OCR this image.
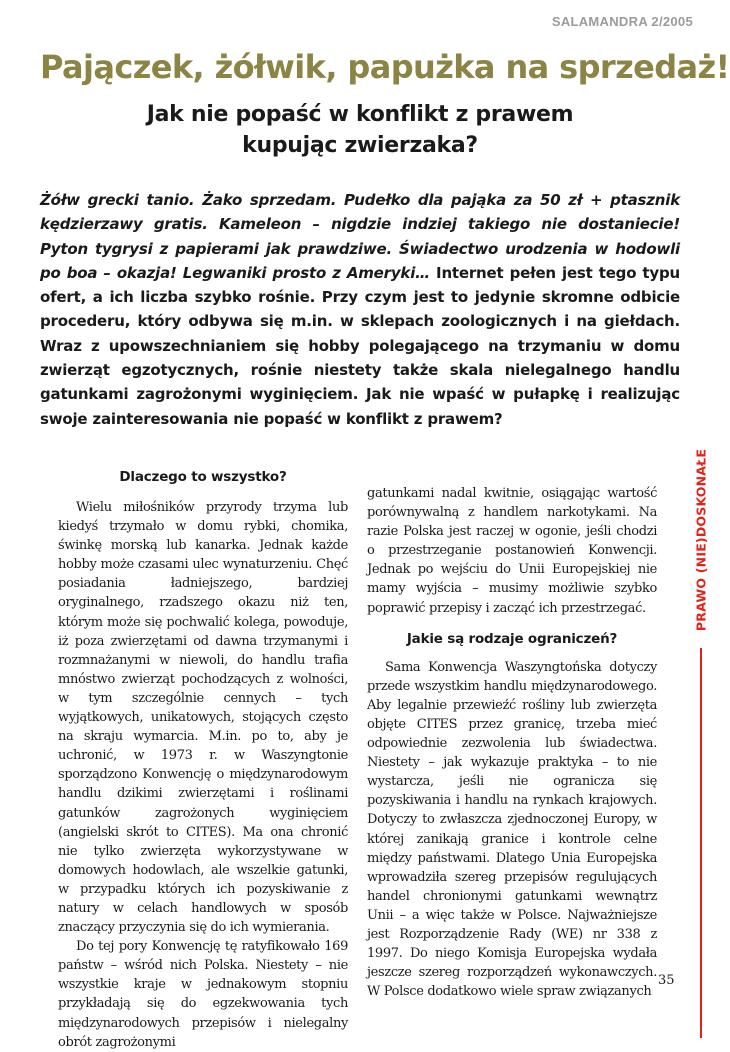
SALAMANDRA 2/2005
Pajączek, żółwik, papużka na sprzedaż!
Jak nie popaść w konflikt z prawem
kupując zwierzaka?

Żółw grecki tanio. Żako sprzedam. Pudełko dla pająka za 50 zł + ptasznik kędzierzawy gratis. Kameleon – nigdzie indziej takiego nie dostaniecie! Pyton tygrysi z papierami jak prawdziwe. Świadectwo urodzenia w hodowli po boa – okazja! Legwaniki prosto z Ameryki… Internet pełen jest tego typu ofert, a ich liczba szybko rośnie. Przy czym jest to jedynie skromne odbicie procederu, który odbywa się m.in. w sklepach zoologicznych i na giełdach. Wraz z upowszechnianiem się hobby polegającego na trzymaniu w domu zwierząt egzotycznych, rośnie niestety także skala nielegalnego handlu gatunkami zagrożonymi wyginięciem. Jak nie wpaść w pułapkę i realizując swoje zainteresowania nie popaść w konflikt z prawem?

PRAWO (NIE)DOSKONAŁE
Dlaczego to wszystko?

Wielu miłośników przyrody trzyma lub kiedyś trzymało w domu rybki, chomika, świnkę morską lub kanarka. Jednak każde hobby może czasami ulec wynaturzeniu. Chęć posiadania ładniejszego, bardziej oryginalnego, rzadszego okazu niż ten, którym może się pochwalić kolega, powoduje, iż poza zwierzętami od dawna trzymanymi i rozmnażanymi w niewoli, do handlu trafia mnóstwo zwierząt pochodzących z wolności, w tym szczególnie cennych – tych wyjątkowych, unikatowych, stojących często na skraju wymarcia. M.in. po to, aby je uchronić, w 1973 r. w Waszyngtonie sporządzono Konwencję o międzynarodowym handlu dzikimi zwierzętami i roślinami gatunków zagrożonych wyginięciem (angielski skrót to CITES). Ma ona chronić nie tylko zwierzęta wykorzystywane w domowych hodowlach, ale wszelkie gatunki, w przypadku których ich pozyskiwanie z natury w celach handlowych w sposób znaczący przyczynia się do ich wymierania.

Do tej pory Konwencję tę ratyfikowało 169 państw – wśród nich Polska. Niestety – nie wszystkie kraje w jednakowym stopniu przykładają się do egzekwowania tych międzynarodowych przepisów i nielegalny obrót zagrożonymi

gatunkami nadal kwitnie, osiągając wartość porównywalną z handlem narkotykami. Na razie Polska jest raczej w ogonie, jeśli chodzi o przestrzeganie postanowień Konwencji. Jednak po wejściu do Unii Europejskiej nie mamy wyjścia – musimy możliwie szybko poprawić przepisy i zacząć ich przestrzegać.

Jakie są rodzaje ograniczeń?

Sama Konwencja Waszyngtońska dotyczy przede wszystkim handlu międzynarodowego. Aby legalnie przewieźć rośliny lub zwierzęta objęte CITES przez granicę, trzeba mieć odpowiednie zezwolenia lub świadectwa. Niestety – jak wykazuje praktyka – to nie wystarcza, jeśli nie ogranicza się pozyskiwania i handlu na rynkach krajowych. Dotyczy to zwłaszcza zjednoczonej Europy, w której zanikają granice i kontrole celne między państwami. Dlatego Unia Europejska wprowadziła szereg przepisów regulujących handel chronionymi gatunkami wewnątrz Unii – a więc także w Polsce. Najważniejsze jest Rozporządzenie Rady (WE) nr 338 z 1997. Do niego Komisja Europejska wydała jeszcze szereg rozporządzeń wykonawczych. W Polsce dodatkowo wiele spraw związanych

35
